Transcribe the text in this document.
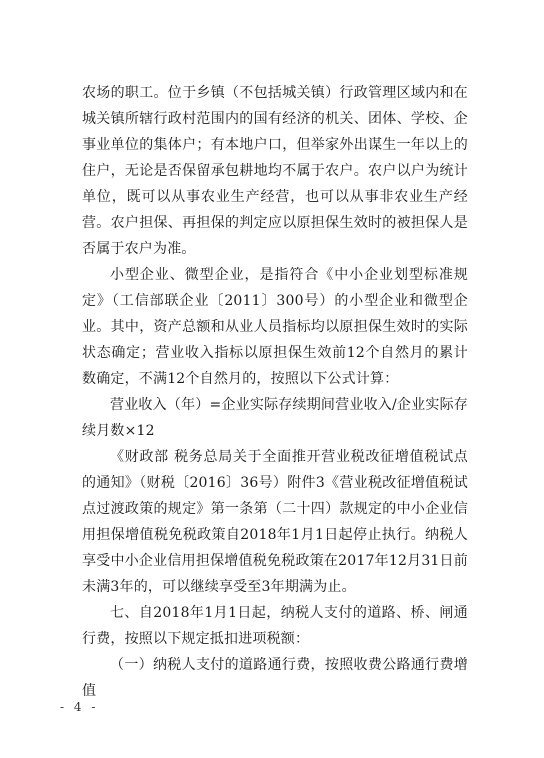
农场的职工。位于乡镇（不包括城关镇）行政管理区域内和在城关镇所辖行政村范围内的国有经济的机关、团体、学校、企事业单位的集体户；有本地户口，但举家外出谋生一年以上的住户，无论是否保留承包耕地均不属于农户。农户以户为统计单位，既可以从事农业生产经营，也可以从事非农业生产经营。农户担保、再担保的判定应以原担保生效时的被担保人是否属于农户为准。

小型企业、微型企业，是指符合《中小企业划型标准规定》（工信部联企业〔2011〕300号）的小型企业和微型企业。其中，资产总额和从业人员指标均以原担保生效时的实际状态确定；营业收入指标以原担保生效前12个自然月的累计数确定，不满12个自然月的，按照以下公式计算：

营业收入（年）=企业实际存续期间营业收入/企业实际存续月数×12

《财政部 税务总局关于全面推开营业税改征增值税试点的通知》（财税〔2016〕36号）附件3《营业税改征增值税试点过渡政策的规定》第一条第（二十四）款规定的中小企业信用担保增值税免税政策自2018年1月1日起停止执行。纳税人享受中小企业信用担保增值税免税政策在2017年12月31日前未满3年的，可以继续享受至3年期满为止。

七、自2018年1月1日起，纳税人支付的道路、桥、闸通行费，按照以下规定抵扣进项税额：

（一）纳税人支付的道路通行费，按照收费公路通行费增值

- 4 -
